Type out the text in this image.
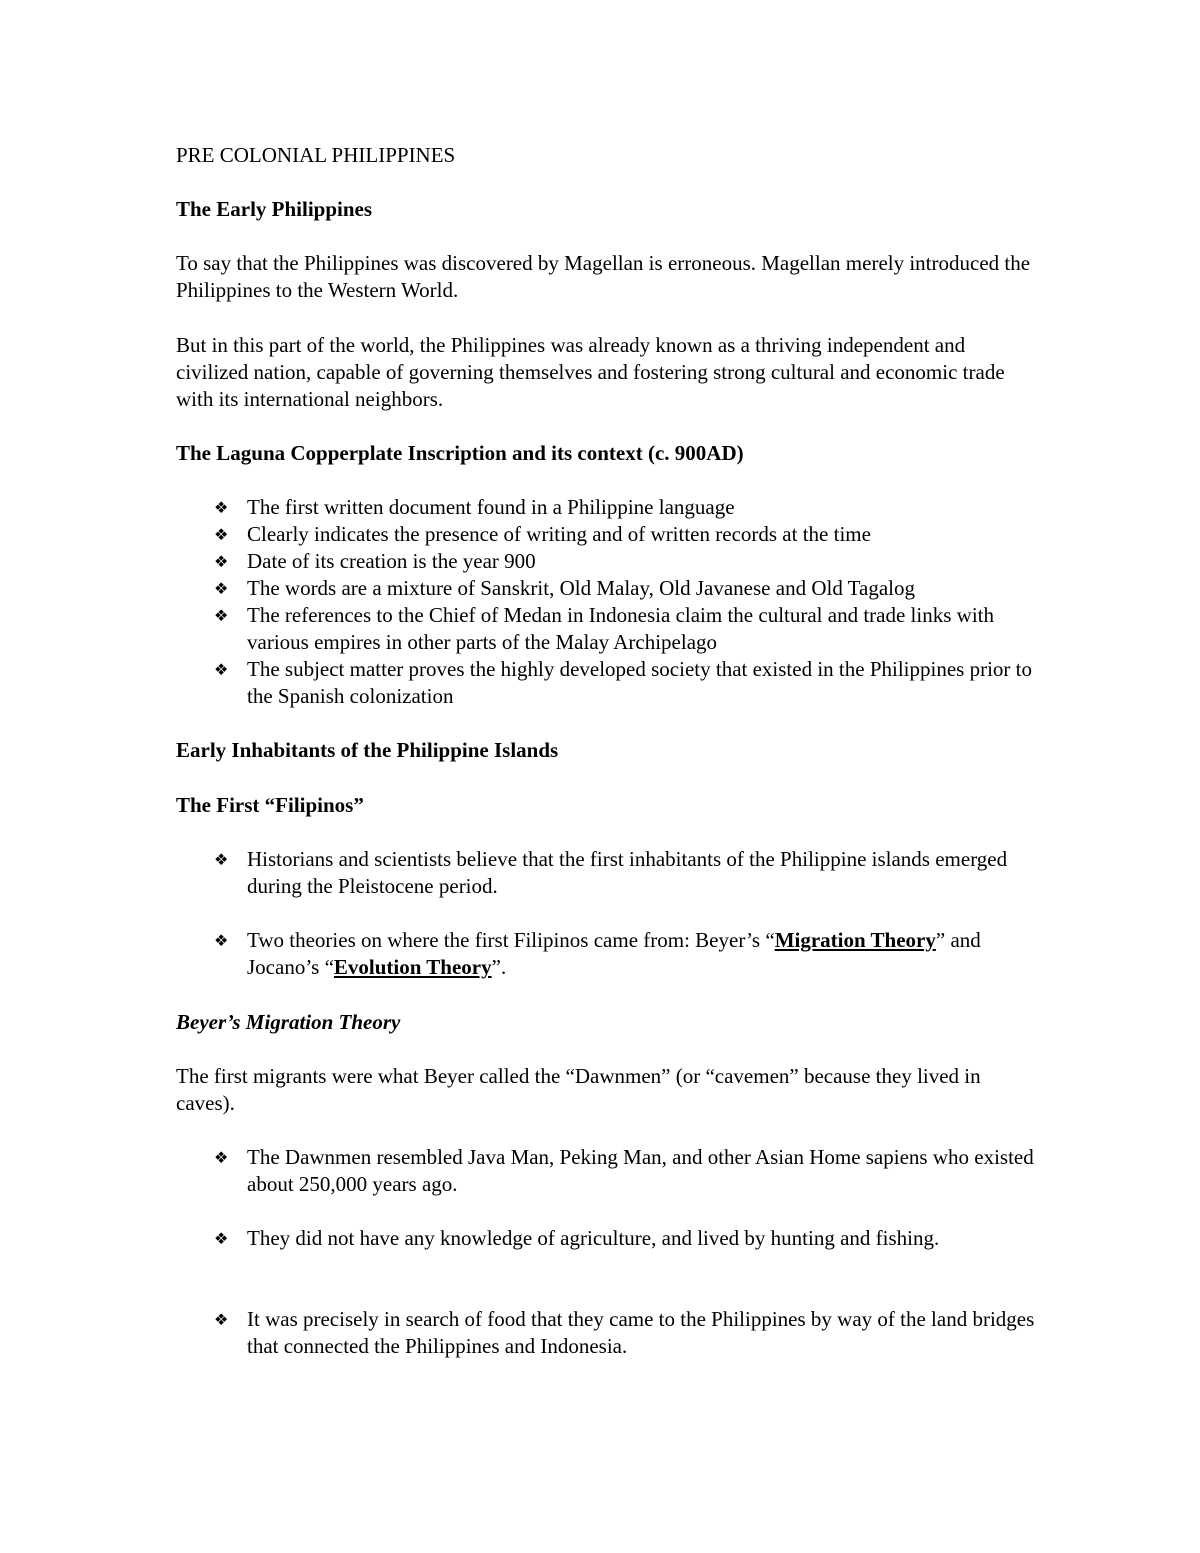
PRE COLONIAL PHILIPPINES

The Early Philippines

To say that the Philippines was discovered by Magellan is erroneous. Magellan merely introduced the Philippines to the Western World.

But in this part of the world, the Philippines was already known as a thriving independent and civilized nation, capable of governing themselves and fostering strong cultural and economic trade with its international neighbors.

The Laguna Copperplate Inscription and its context (c. 900AD)

❖ The first written document found in a Philippine language
❖ Clearly indicates the presence of writing and of written records at the time
❖ Date of its creation is the year 900
❖ The words are a mixture of Sanskrit, Old Malay, Old Javanese and Old Tagalog
❖ The references to the Chief of Medan in Indonesia claim the cultural and trade links with various empires in other parts of the Malay Archipelago
❖ The subject matter proves the highly developed society that existed in the Philippines prior to the Spanish colonization

Early Inhabitants of the Philippine Islands

The First “Filipinos”

❖ Historians and scientists believe that the first inhabitants of the Philippine islands emerged during the Pleistocene period.
❖ Two theories on where the first Filipinos came from: Beyer’s “Migration Theory” and Jocano’s “Evolution Theory”.

Beyer’s Migration Theory

The first migrants were what Beyer called the “Dawnmen” (or “cavemen” because they lived in caves).

❖ The Dawnmen resembled Java Man, Peking Man, and other Asian Home sapiens who existed about 250,000 years ago.
❖ They did not have any knowledge of agriculture, and lived by hunting and fishing.
❖ It was precisely in search of food that they came to the Philippines by way of the land bridges that connected the Philippines and Indonesia.
